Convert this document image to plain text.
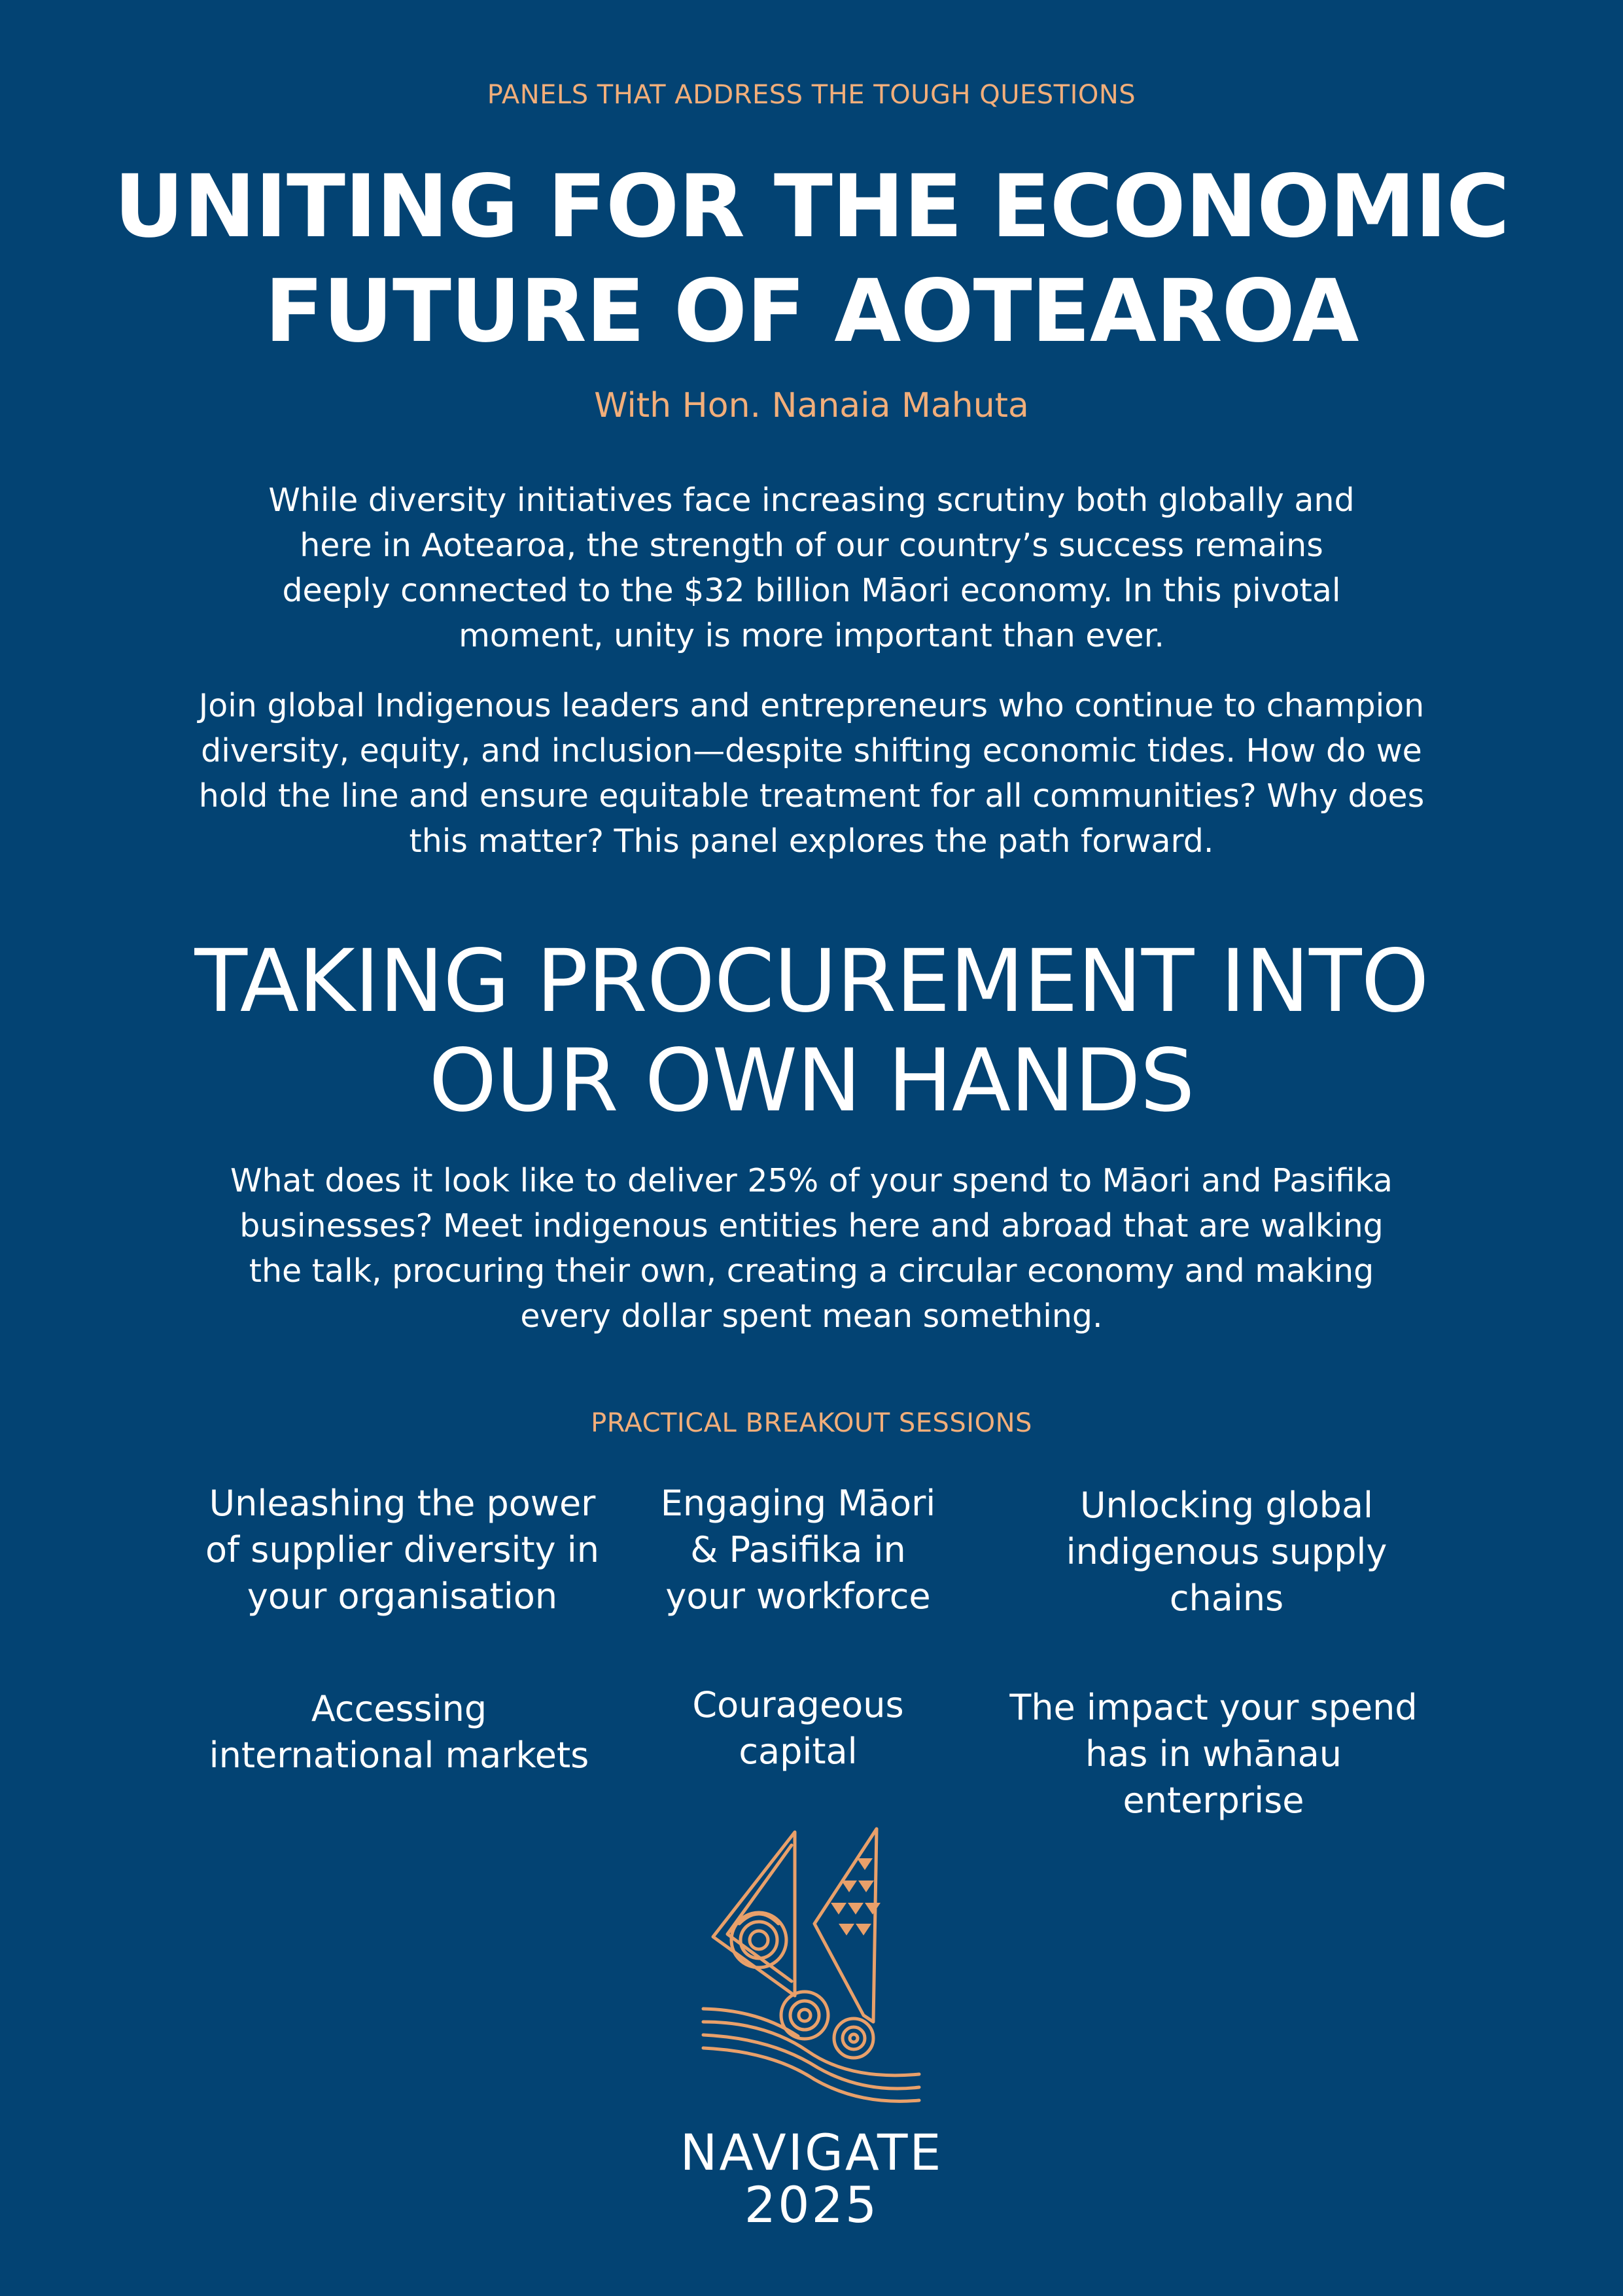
PANELS THAT ADDRESS THE TOUGH QUESTIONS
UNITING FOR THE ECONOMIC
FUTURE OF AOTEAROA
With Hon. Nanaia Mahuta
While diversity initiatives face increasing scrutiny both globally and
here in Aotearoa, the strength of our country’s success remains
deeply connected to the $32 billion Māori economy. In this pivotal
moment, unity is more important than ever.
Join global Indigenous leaders and entrepreneurs who continue to champion
diversity, equity, and inclusion—despite shifting economic tides. How do we
hold the line and ensure equitable treatment for all communities? Why does
this matter? This panel explores the path forward.
TAKING PROCUREMENT INTO
OUR OWN HANDS
What does it look like to deliver 25% of your spend to Māori and Pasifika
businesses? Meet indigenous entities here and abroad that are walking
the talk, procuring their own, creating a circular economy and making
every dollar spent mean something.
PRACTICAL BREAKOUT SESSIONS
Unleashing the power
of supplier diversity in
your organisation
Engaging Māori
& Pasifika in
your workforce
Unlocking global
indigenous supply
chains
Accessing
international markets
Courageous
capital
The impact your spend
has in whānau
enterprise
NAVIGATE
2025
